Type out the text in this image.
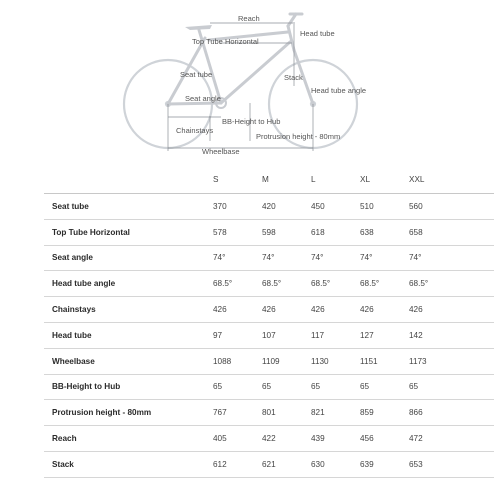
Reach
Head tube
Top Tube Horizontal
Seat tube	Stack
Head tube angle
Seat angle
BB-Height to Hub
Chainstays
Protrusion height - 80mm
Wheelbase
S	M	L	XL	XXL
Seat tube	370	420	450	510	560
Top Tube Horizontal	578	598	618	638	658
Seat angle	74°	74°	74°	74°	74°
Head tube angle	68.5°	68.5°	68.5°	68.5°	68.5°
Chainstays	426	426	426	426	426
Head tube	97	107	117	127	142
Wheelbase	1088	1109	1130	1151	1173
BB-Height to Hub	65	65	65	65	65
Protrusion height - 80mm	767	801	821	859	866
Reach	405	422	439	456	472
Stack	612	621	630	639	653
